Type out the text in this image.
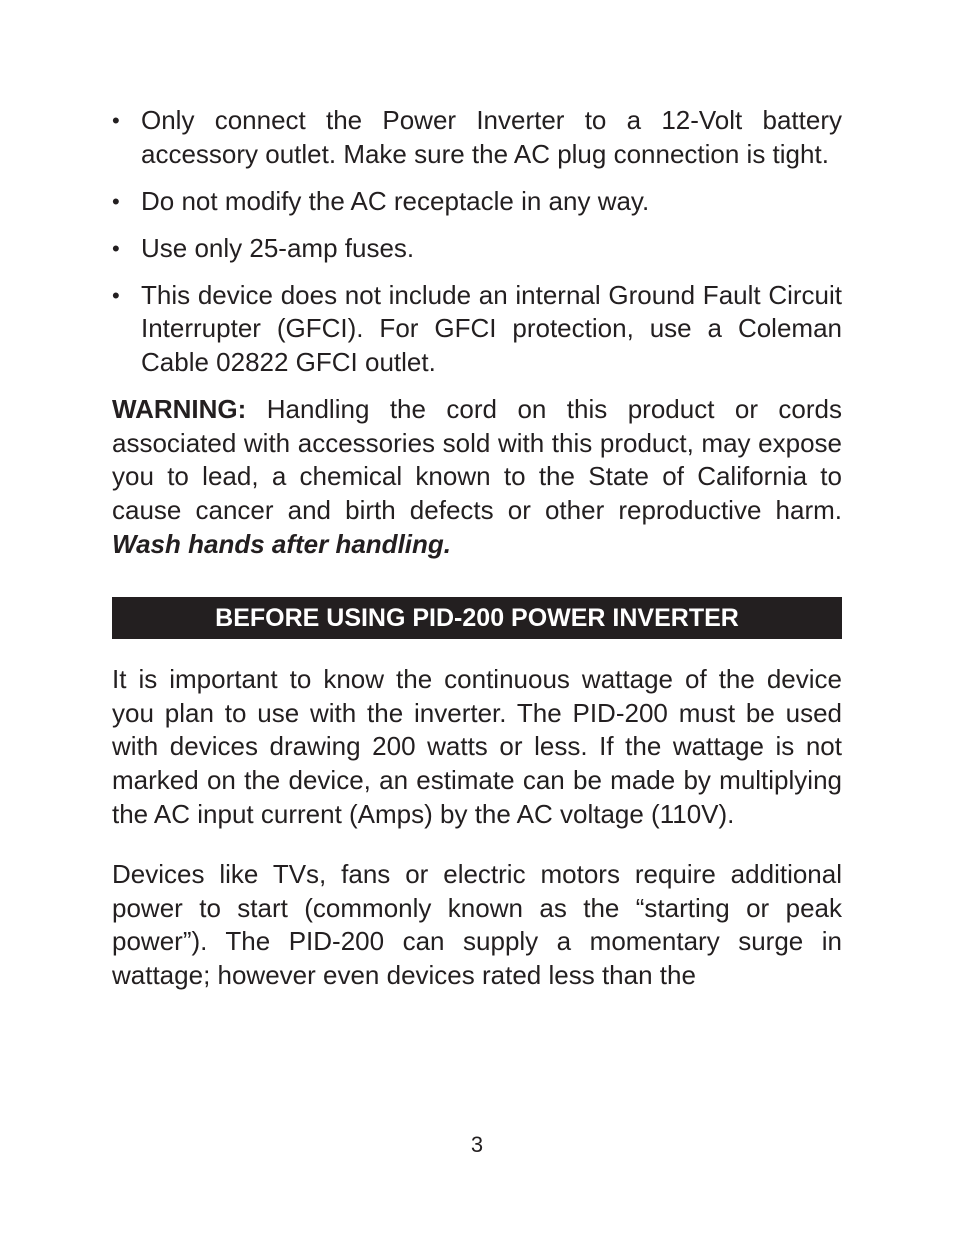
• Only connect the Power Inverter to a 12-Volt battery accessory outlet. Make sure the AC plug connection is tight.
• Do not modify the AC receptacle in any way.
• Use only 25-amp fuses.
• This device does not include an internal Ground Fault Circuit Interrupter (GFCI). For GFCI protection, use a Coleman Cable 02822 GFCI outlet.

WARNING: Handling the cord on this product or cords associated with accessories sold with this product, may expose you to lead, a chemical known to the State of California to cause cancer and birth defects or other reproductive harm. Wash hands after handling.

BEFORE USING PID-200 POWER INVERTER

It is important to know the continuous wattage of the device you plan to use with the inverter. The PID-200 must be used with devices drawing 200 watts or less. If the wattage is not marked on the device, an estimate can be made by multiplying the AC input current (Amps) by the AC voltage (110V).

Devices like TVs, fans or electric motors require additional power to start (commonly known as the “starting or peak power”). The PID-200 can supply a momentary surge in wattage; however even devices rated less than the

3
